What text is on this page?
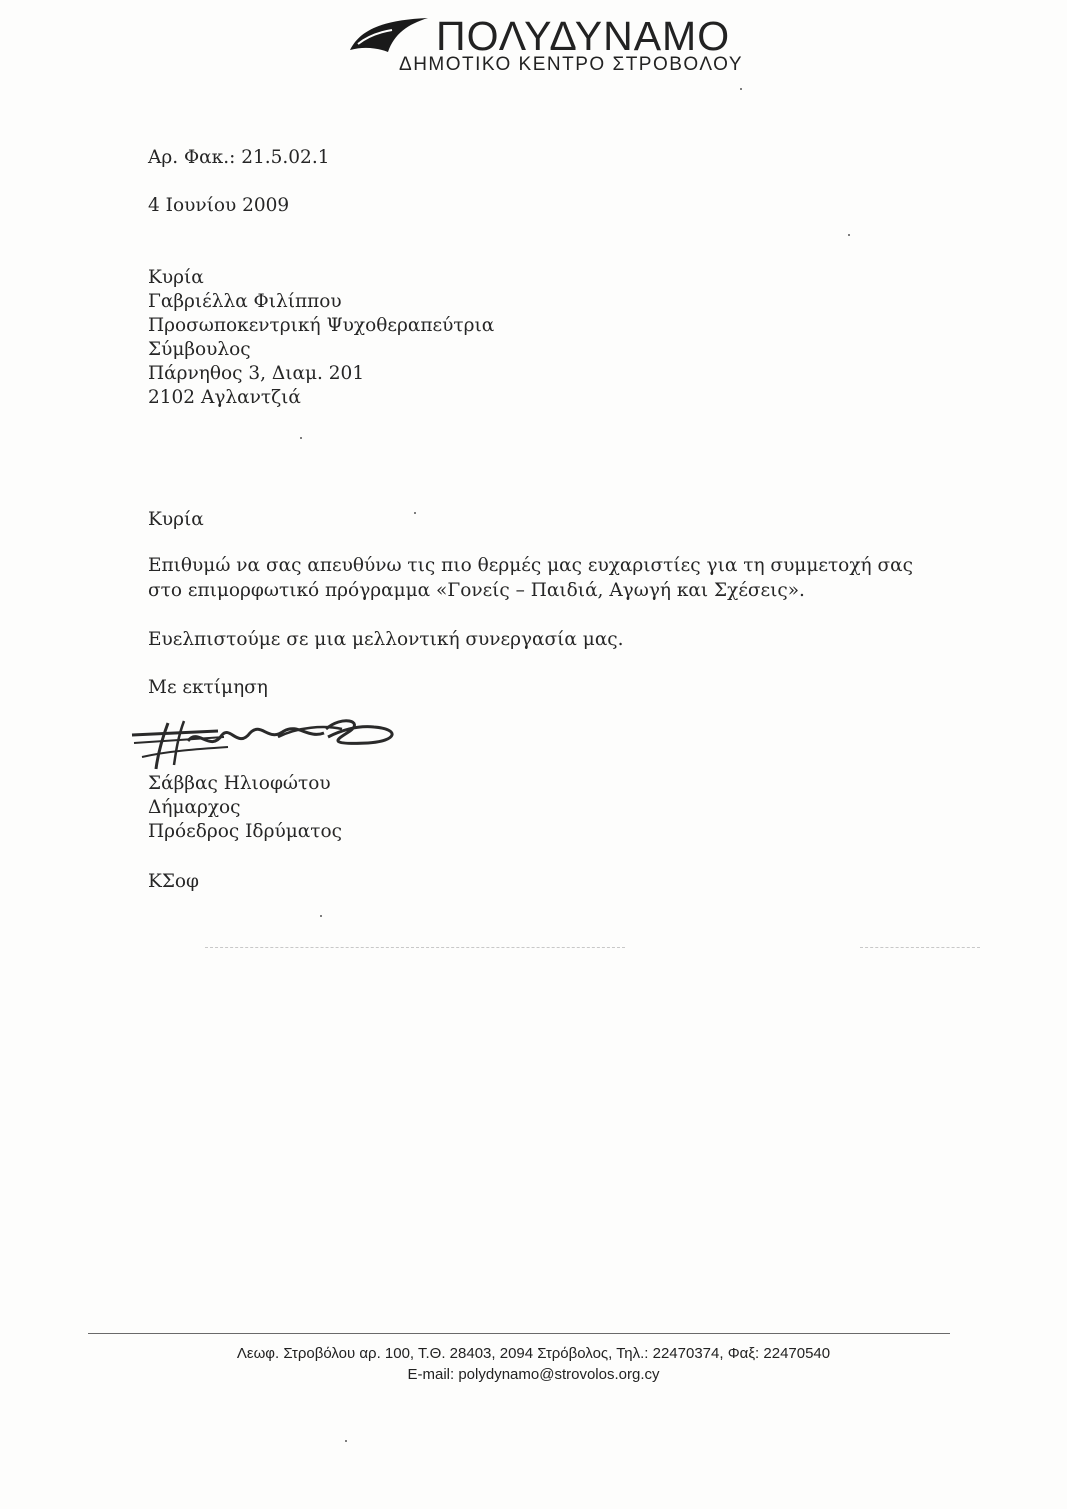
ΠΟΛΥΔΥΝΑΜΟ
ΔΗΜΟΤΙΚΟ ΚΕΝΤΡΟ ΣΤΡΟΒΟΛΟΥ
Αρ. Φακ.: 21.5.02.1
4 Ιουνίου 2009
Κυρία
Γαβριέλλα Φιλίππου
Προσωποκεντρική Ψυχοθεραπεύτρια
Σύμβουλος
Πάρνηθος 3, Διαμ. 201
2102 Αγλαντζιά
Κυρία
Επιθυμώ να σας απευθύνω τις πιο θερμές μας ευχαριστίες για τη συμμετοχή σας στο επιμορφωτικό πρόγραμμα «Γονείς – Παιδιά, Αγωγή και Σχέσεις».
Ευελπιστούμε σε μια μελλοντική συνεργασία μας.
Με εκτίμηση
Σάββας Ηλιοφώτου
Δήμαρχος
Πρόεδρος Ιδρύματος
ΚΣοφ
Λεωφ. Στροβόλου αρ. 100, Τ.Θ. 28403, 2094 Στρόβολος, Τηλ.: 22470374, Φαξ: 22470540
E-mail: polydynamo@strovolos.org.cy
